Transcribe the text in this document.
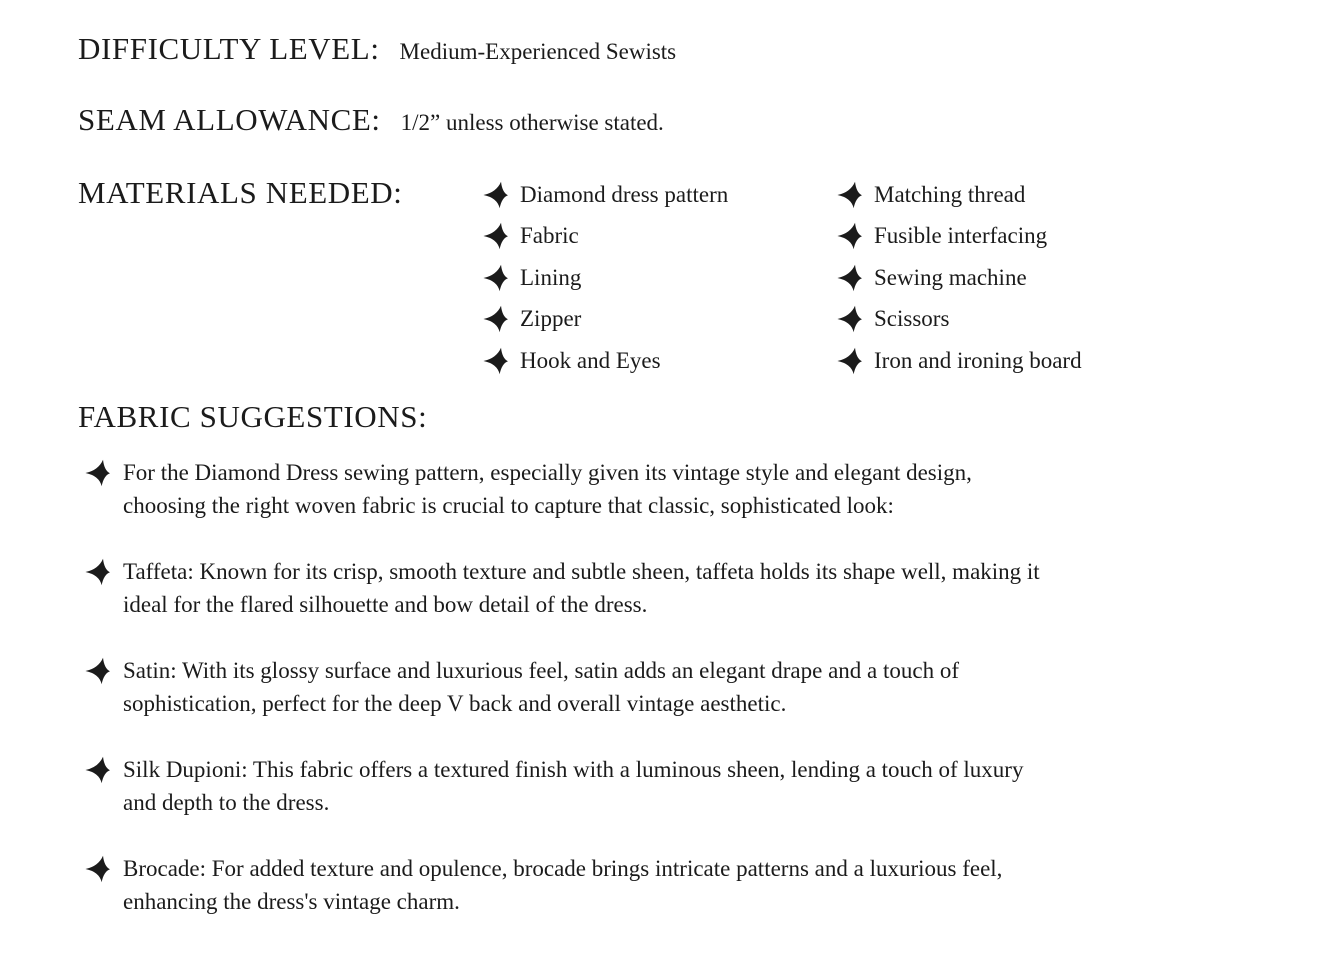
DIFFICULTY LEVEL: Medium-Experienced Sewists
SEAM ALLOWANCE: 1/2” unless otherwise stated.
MATERIALS NEEDED:	Diamond dress pattern
Fabric
Lining
Zipper
Hook and Eyes
Matching thread
Fusible interfacing
Sewing machine
Scissors
Iron and ironing board
FABRIC SUGGESTIONS:

For the Diamond Dress sewing pattern, especially given its vintage style and elegant design,
choosing the right woven fabric is crucial to capture that classic, sophisticated look:

Taffeta: Known for its crisp, smooth texture and subtle sheen, taffeta holds its shape well, making it
ideal for the flared silhouette and bow detail of the dress.

Satin: With its glossy surface and luxurious feel, satin adds an elegant drape and a touch of
sophistication, perfect for the deep V back and overall vintage aesthetic.

Silk Dupioni: This fabric offers a textured finish with a luminous sheen, lending a touch of luxury
and depth to the dress.

Brocade: For added texture and opulence, brocade brings intricate patterns and a luxurious feel,
enhancing the dress's vintage charm.
